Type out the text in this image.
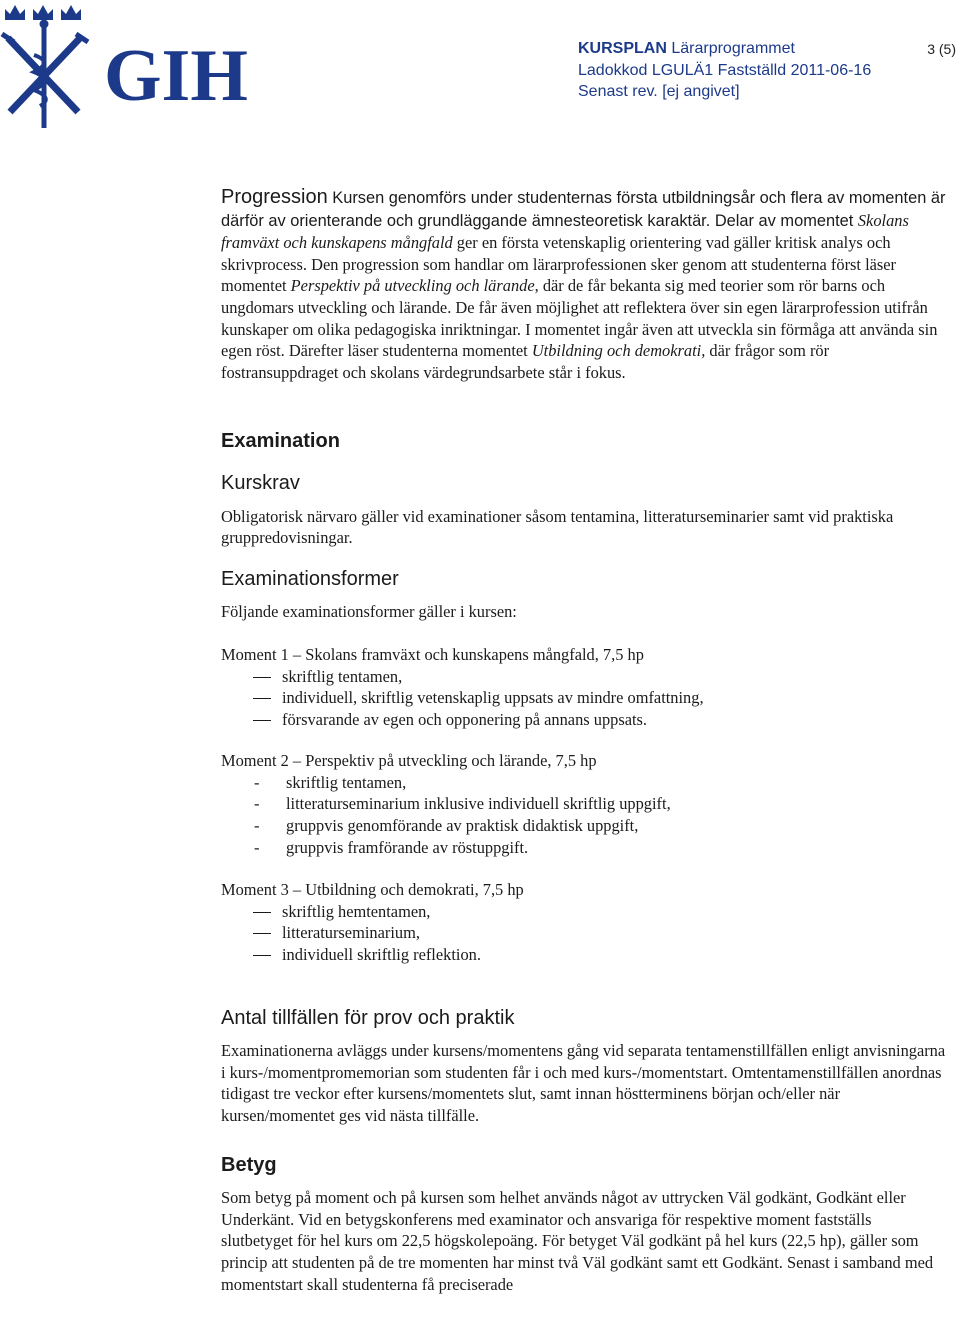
GIH	KURSPLAN Lärarprogrammet
Ladokkod LGULÄ1 Fastställd 2011-06-16
Senast rev. [ej angivet]
3 (5)

Progression Kursen genomförs under studenternas första utbildningsår och flera av momenten är därför av orienterande och grundläggande ämnesteoretisk karaktär. Delar av momentet Skolans framväxt och kunskapens mångfald ger en första vetenskaplig orientering vad gäller kritisk analys och skrivprocess. Den progression som handlar om lärarprofessionen sker genom att studenterna först läser momentet Perspektiv på utveckling och lärande, där de får bekanta sig med teorier som rör barns och ungdomars utveckling och lärande. De får även möjlighet att reflektera över sin egen lärarprofession utifrån kunskaper om olika pedagogiska inriktningar. I momentet ingår även att utveckla sin förmåga att använda sin egen röst. Därefter läser studenterna momentet Utbildning och demokrati, där frågor som rör fostransuppdraget och skolans värdegrundsarbete står i fokus.

Examination
Kurskrav

Obligatorisk närvaro gäller vid examinationer såsom tentamina, litteraturseminarier samt vid praktiska gruppredovisningar.

Examinationsformer

Följande examinationsformer gäller i kursen:

Moment 1 – Skolans framväxt och kunskapens mångfald, 7,5 hp

skriftlig tentamen,
individuell, skriftlig vetenskaplig uppsats av mindre omfattning,
försvarande av egen och opponering på annans uppsats.

Moment 2 – Perspektiv på utveckling och lärande, 7,5 hp

- skriftlig tentamen,
- litteraturseminarium inklusive individuell skriftlig uppgift,
- gruppvis genomförande av praktisk didaktisk uppgift,
- gruppvis framförande av röstuppgift.

Moment 3 – Utbildning och demokrati, 7,5 hp

skriftlig hemtentamen,
litteraturseminarium,
individuell skriftlig reflektion.
Antal tillfällen för prov och praktik

Examinationerna avläggs under kursens/momentens gång vid separata tentamenstillfällen enligt anvisningarna i kurs-/momentpromemorian som studenten får i och med kurs-/momentstart. Omtentamenstillfällen anordnas tidigast tre veckor efter kursens/momentets slut, samt innan höstterminens början och/eller när kursen/momentet ges vid nästa tillfälle.

Betyg

Som betyg på moment och på kursen som helhet används något av uttrycken Väl godkänt, Godkänt eller Underkänt. Vid en betygskonferens med examinator och ansvariga för respektive moment fastställs slutbetyget för hel kurs om 22,5 högskolepoäng. För betyget Väl godkänt på hel kurs (22,5 hp), gäller som princip att studenten på de tre momenten har minst två Väl godkänt samt ett Godkänt. Senast i samband med momentstart skall studenterna få preciserade
